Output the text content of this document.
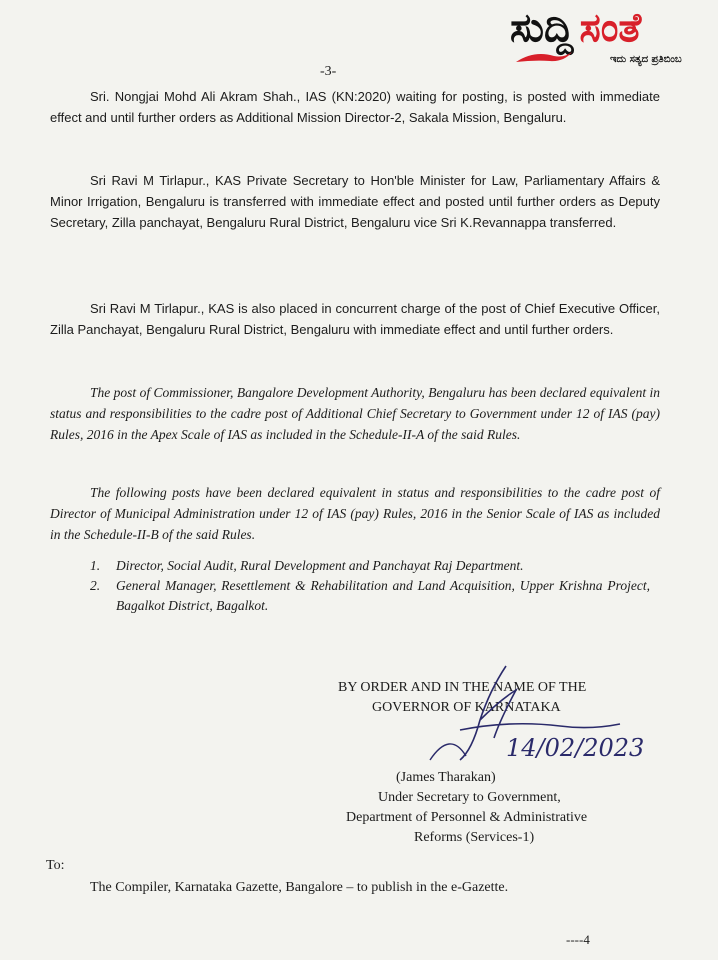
ಸುದ್ದಿ ಸಂತೆ
ಇದು ಸತ್ಯದ ಪ್ರತಿಬಿಂಬ
-3-

Sri. Nongjai Mohd Ali Akram Shah., IAS (KN:2020) waiting for posting, is posted with immediate effect and until further orders as Additional Mission Director-2, Sakala Mission, Bengaluru.

Sri Ravi M Tirlapur., KAS Private Secretary to Hon'ble Minister for Law, Parliamentary Affairs & Minor Irrigation, Bengaluru is transferred with immediate effect and posted until further orders as Deputy Secretary, Zilla panchayat, Bengaluru Rural District, Bengaluru vice Sri K.Revannappa transferred.

Sri Ravi M Tirlapur., KAS is also placed in concurrent charge of the post of Chief Executive Officer, Zilla Panchayat, Bengaluru Rural District, Bengaluru with immediate effect and until further orders.

The post of Commissioner, Bangalore Development Authority, Bengaluru has been declared equivalent in status and responsibilities to the cadre post of Additional Chief Secretary to Government under 12 of IAS (pay) Rules, 2016 in the Apex Scale of IAS as included in the Schedule-II-A of the said Rules.

The following posts have been declared equivalent in status and responsibilities to the cadre post of Director of Municipal Administration under 12 of IAS (pay) Rules, 2016 in the Senior Scale of IAS as included in the Schedule-II-B of the said Rules.

1.	Director, Social Audit, Rural Development and Panchayat Raj Department.
2.	General Manager, Resettlement & Rehabilitation and Land Acquisition, Upper Krishna Project, Bagalkot District, Bagalkot.
BY ORDER AND IN THE NAME OF THE
GOVERNOR OF KARNATAKA
14/02/2023
(James Tharakan)
Under Secretary to Government,
Department of Personnel & Administrative
Reforms (Services-1)
To:
The Compiler, Karnataka Gazette, Bangalore – to publish in the e-Gazette.
----4
